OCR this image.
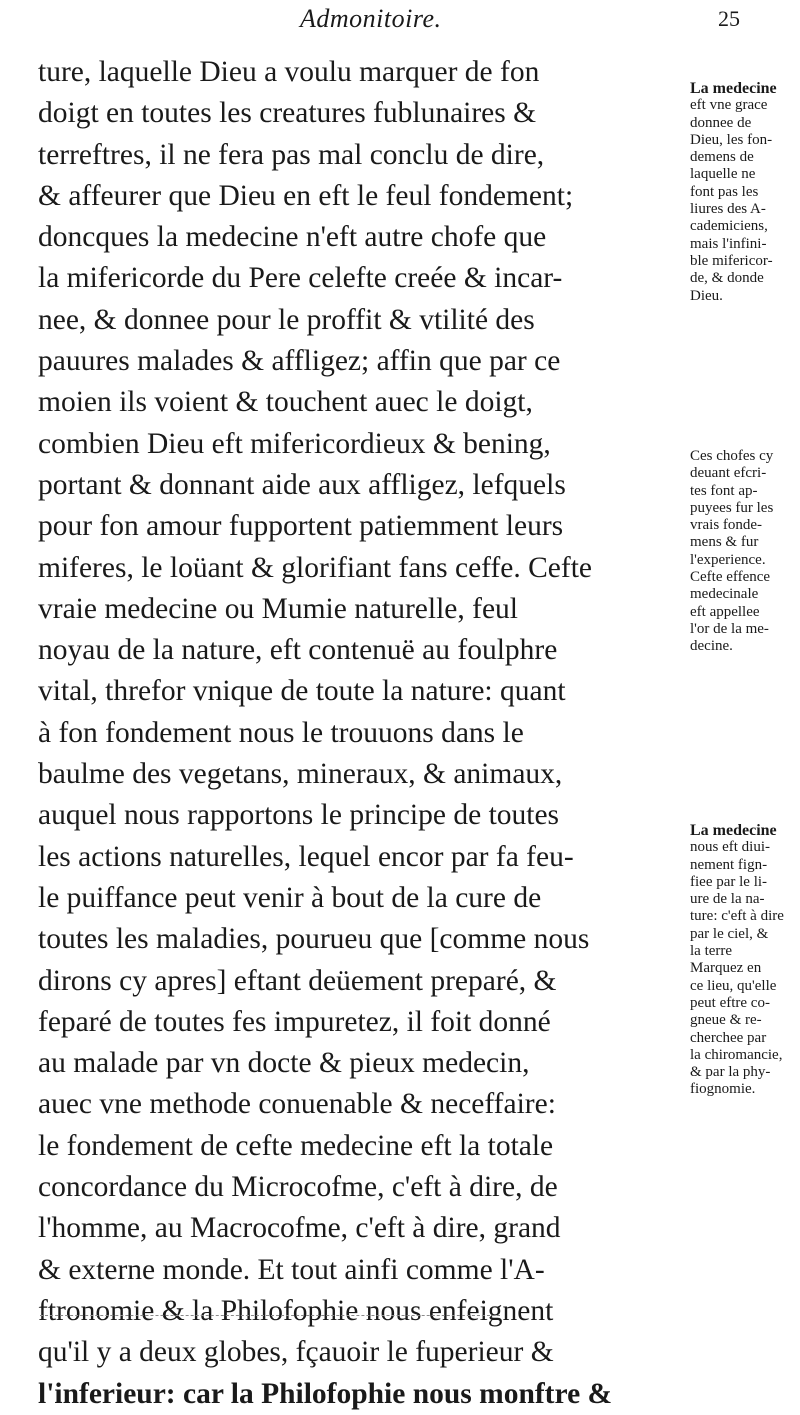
Admonitoire.	25
ture, laquelle Dieu a voulu marquer de fon
doigt en toutes les creatures fublunaires &
terreftres, il ne fera pas mal conclu de dire,
& affeurer que Dieu en eft le feul fondement;
doncques la medecine n'eft autre chofe que
la mifericorde du Pere celefte creée & incar-
nee, & donnee pour le proffit & vtilité des
pauures malades & affligez; affin que par ce
moien ils voient & touchent auec le doigt,
combien Dieu eft mifericordieux & bening,
portant & donnant aide aux affligez, lefquels
pour fon amour fupportent patiemment leurs
miferes, le loüant & glorifiant fans ceffe. Cefte
vraie medecine ou Mumie naturelle, feul
noyau de la nature, eft contenuë au foulphre
vital, threfor vnique de toute la nature: quant
à fon fondement nous le trouuons dans le
baulme des vegetans, mineraux, & animaux,
auquel nous rapportons le principe de toutes
les actions naturelles, lequel encor par fa feu-
le puiffance peut venir à bout de la cure de
toutes les maladies, pourueu que [comme nous
dirons cy apres] eftant deüement preparé, &
feparé de toutes fes impuretez, il foit donné
au malade par vn docte & pieux medecin,
auec vne methode conuenable & neceffaire:
le fondement de cefte medecine eft la totale
concordance du Microcofme, c'eft à dire, de
l'homme, au Macrocofme, c'eft à dire, grand
& externe monde. Et tout ainfi comme l'A-
ftronomie & la Philofophie nous enfeignent
qu'il y a deux globes, fçauoir le fuperieur &
l'inferieur: car la Philofophie nous monftre &
La medecine
eft vne grace
donnee de
Dieu, les fon-
demens de
laquelle ne
font pas les
liures des A-
cademiciens,
mais l'infini-
ble mifericor-
de, & donde
Dieu.
Ces chofes cy
deuant efcri-
tes font ap-
puyees fur les
vrais fonde-
mens & fur
l'experience.
Cefte effence
medecinale
eft appellee
l'or de la me-
decine.
La medecine
nous eft diui-
nement fign-
fiee par le li-
ure de la na-
ture: c'eft à dire
par le ciel, &
la terre
Marquez en
ce lieu, qu'elle
peut eftre co-
gneue & re-
cherchee par
la chiromancie,
& par la phy-
fiognomie.
